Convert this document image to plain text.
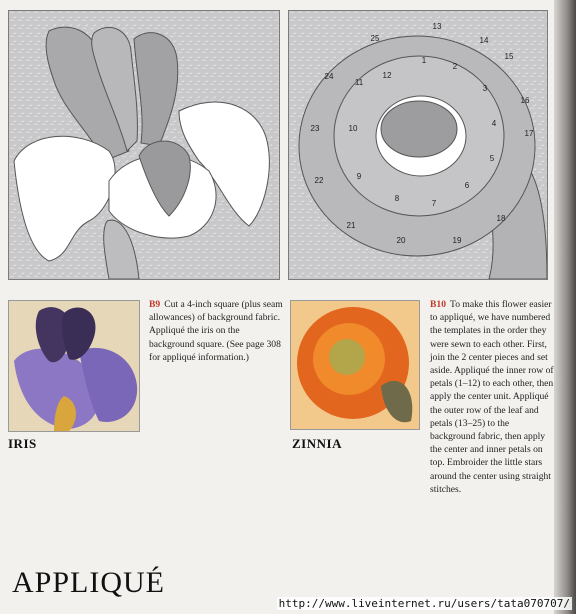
13
14
15
16
17
18
19
20
21
22
23
24
25
1
2
3
4
5
6
7
8
9
10
11
12
IRIS
B9 Cut a 4-inch square (plus seam allowances) of background fabric. Appliqué the iris on the background square. (See page 308 for appliqué information.)
ZINNIA
B10 To make this flower easier to appliqué, we have numbered the templates in the order they were sewn to each other. First, join the 2 center pieces and set aside. Appliqué the inner row of petals (1–12) to each other, then apply the center unit. Appliqué the outer row of the leaf and petals (13–25) to the background fabric, then apply the center and inner petals on top. Embroider the little stars around the center using straight stitches.
APPLIQUÉ
http://www.liveinternet.ru/users/tata070707/
